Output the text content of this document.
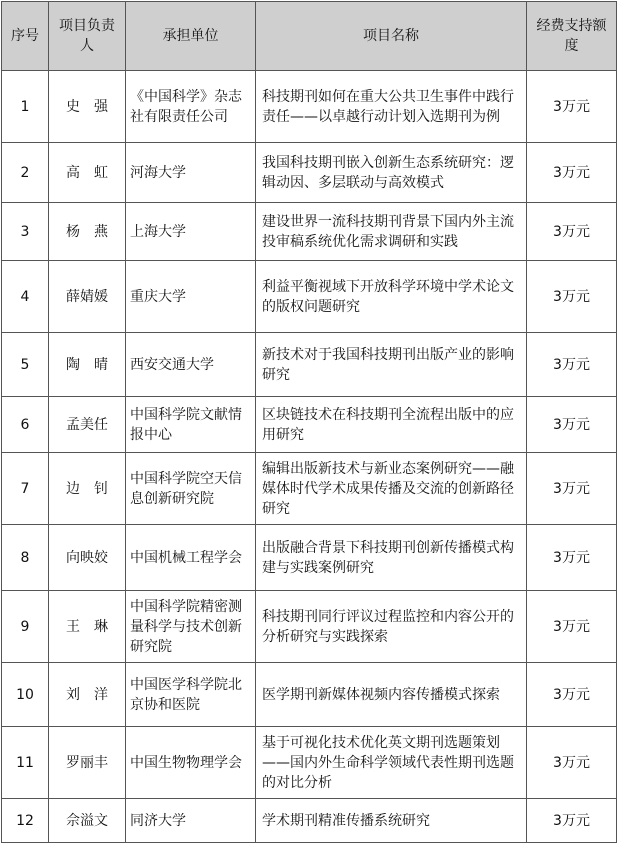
序号	项目负责人	承担单位	项目名称	经费支持额度
1	史　强	《中国科学》杂志社有限责任公司	科技期刊如何在重大公共卫生事件中践行责任——以卓越行动计划入选期刊为例	3万元
2	高　虹	河海大学	我国科技期刊嵌入创新生态系统研究：逻辑动因、多层联动与高效模式	3万元
3	杨　燕	上海大学	建设世界一流科技期刊背景下国内外主流投审稿系统优化需求调研和实践	3万元
4	薛婧媛	重庆大学	利益平衡视域下开放科学环境中学术论文的版权问题研究	3万元
5	陶　晴	西安交通大学	新技术对于我国科技期刊出版产业的影响研究	3万元
6	孟美任	中国科学院文献情报中心	区块链技术在科技期刊全流程出版中的应用研究	3万元
7	边　钊	中国科学院空天信息创新研究院	编辑出版新技术与新业态案例研究——融媒体时代学术成果传播及交流的创新路径研究	3万元
8	向映姣	中国机械工程学会	出版融合背景下科技期刊创新传播模式构建与实践案例研究	3万元
9	王　琳	中国科学院精密测量科学与技术创新研究院	科技期刊同行评议过程监控和内容公开的分析研究与实践探索	3万元
10	刘　洋	中国医学科学院北京协和医院	医学期刊新媒体视频内容传播模式探索	3万元
11	罗丽丰	中国生物物理学会	基于可视化技术优化英文期刊选题策划——国内外生命科学领域代表性期刊选题的对比分析	3万元
12	佘溢文	同济大学	学术期刊精准传播系统研究	3万元
